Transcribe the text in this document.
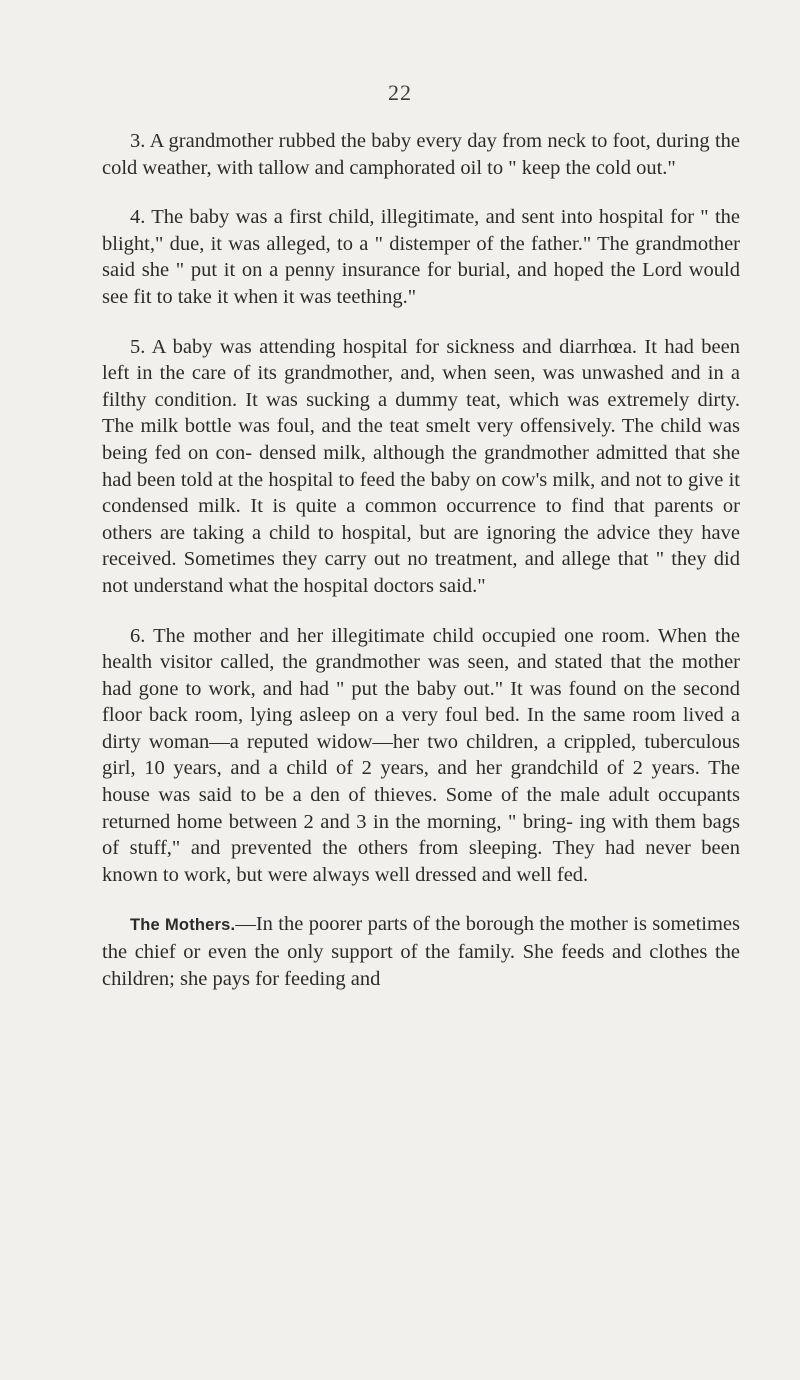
22

3. A grandmother rubbed the baby every day from neck to foot, during the cold weather, with tallow and camphorated oil to " keep the cold out."

4. The baby was a first child, illegitimate, and sent into hospital for " the blight," due, it was alleged, to a " distemper of the father." The grandmother said she " put it on a penny insurance for burial, and hoped the Lord would see fit to take it when it was teething."

5. A baby was attending hospital for sickness and diarrhœa. It had been left in the care of its grandmother, and, when seen, was unwashed and in a filthy condition. It was sucking a dummy teat, which was extremely dirty. The milk bottle was foul, and the teat smelt very offensively. The child was being fed on con- densed milk, although the grandmother admitted that she had been told at the hospital to feed the baby on cow's milk, and not to give it condensed milk. It is quite a common occurrence to find that parents or others are taking a child to hospital, but are ignoring the advice they have received. Sometimes they carry out no treatment, and allege that " they did not understand what the hospital doctors said."

6. The mother and her illegitimate child occupied one room. When the health visitor called, the grandmother was seen, and stated that the mother had gone to work, and had " put the baby out." It was found on the second floor back room, lying asleep on a very foul bed. In the same room lived a dirty woman—a reputed widow—her two children, a crippled, tuberculous girl, 10 years, and a child of 2 years, and her grandchild of 2 years. The house was said to be a den of thieves. Some of the male adult occupants returned home between 2 and 3 in the morning, " bring- ing with them bags of stuff," and prevented the others from sleeping. They had never been known to work, but were always well dressed and well fed.

The Mothers.—In the poorer parts of the borough the mother is sometimes the chief or even the only support of the family. She feeds and clothes the children; she pays for feeding and
